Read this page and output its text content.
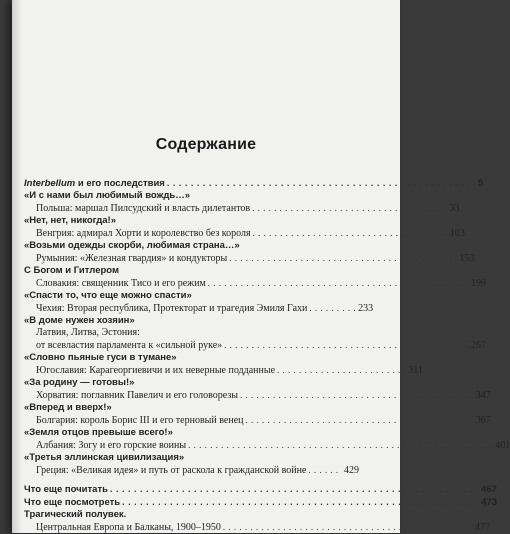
Содержание
Interbellum и его последствия . . . . . . . . . . . . . . . . . . . . . . . . . . . . . . . . . . . . . . . . . . . . . . . . . . . . 5
«И с нами был любимый вождь…»
Польша: маршал Пилсудский и власть дилетантов . . . . . . . . . . . . . . . . . . . . . . . . . . . . . . . . . . . . 33
«Нет, нет, никогда!»
Венгрия: адмирал Хорти и королевство без короля . . . . . . . . . . . . . . . . . . . . . . . . . . . . . . . . . . . . 103
«Возьми одежды скорби, любимая страна…»
Румыния: «Железная гвардия» и кондукторы . . . . . . . . . . . . . . . . . . . . . . . . . . . . . . . . . . . . . . . . . . 153
С Богом и Гитлером
Словакия: священник Тисо и его режим . . . . . . . . . . . . . . . . . . . . . . . . . . . . . . . . . . . . . . . . . . . . . . . . 199
«Спасти то, что еще можно спасти»
Чехия: Вторая республика, Протекторат и трагедия Эмиля Гахи . . . . . . . . . 233
«В доме нужен хозяин»
Латвия, Литва, Эстония:
от всевластия парламента к «сильной руке» . . . . . . . . . . . . . . . . . . . . . . . . . . . . . . . . . . . . . . . . . . . . . 267
«Словно пьяные гуси в тумане»
Югославия: Карагеоргиевичи и их неверные подданные . . . . . . . . . . . . . . . . . . . . . . . . 311
«За родину — готовы!»
Хорватия: поглавник Павелич и его головорезы . . . . . . . . . . . . . . . . . . . . . . . . . . . . . . . . . . . . . . . . . . . 347
«Вперед и вверх!»
Болгария: король Борис III и его терновый венец . . . . . . . . . . . . . . . . . . . . . . . . . . . . . . . . . . . . . . . . . . 367
«Земля отцов превыше всего!»
Албания: Зогу и его горские воины . . . . . . . . . . . . . . . . . . . . . . . . . . . . . . . . . . . . . . . . . . . . . . . . . . . . . . . . 401
«Третья эллинская цивилизация»
Греция: «Великая идея» и путь от раскола к гражданской войне . . . . . . 429
Что еще почитать . . . . . . . . . . . . . . . . . . . . . . . . . . . . . . . . . . . . . . . . . . . . . . . . . . . . . . . . . . . . . . 467
Что еще посмотреть . . . . . . . . . . . . . . . . . . . . . . . . . . . . . . . . . . . . . . . . . . . . . . . . . . . . . . . . . . . . 473
Трагический полувек.
Центральная Европа и Балканы, 1900–1950 . . . . . . . . . . . . . . . . . . . . . . . . . . . . . . . . . . . . . . . . . . . . . . 477
